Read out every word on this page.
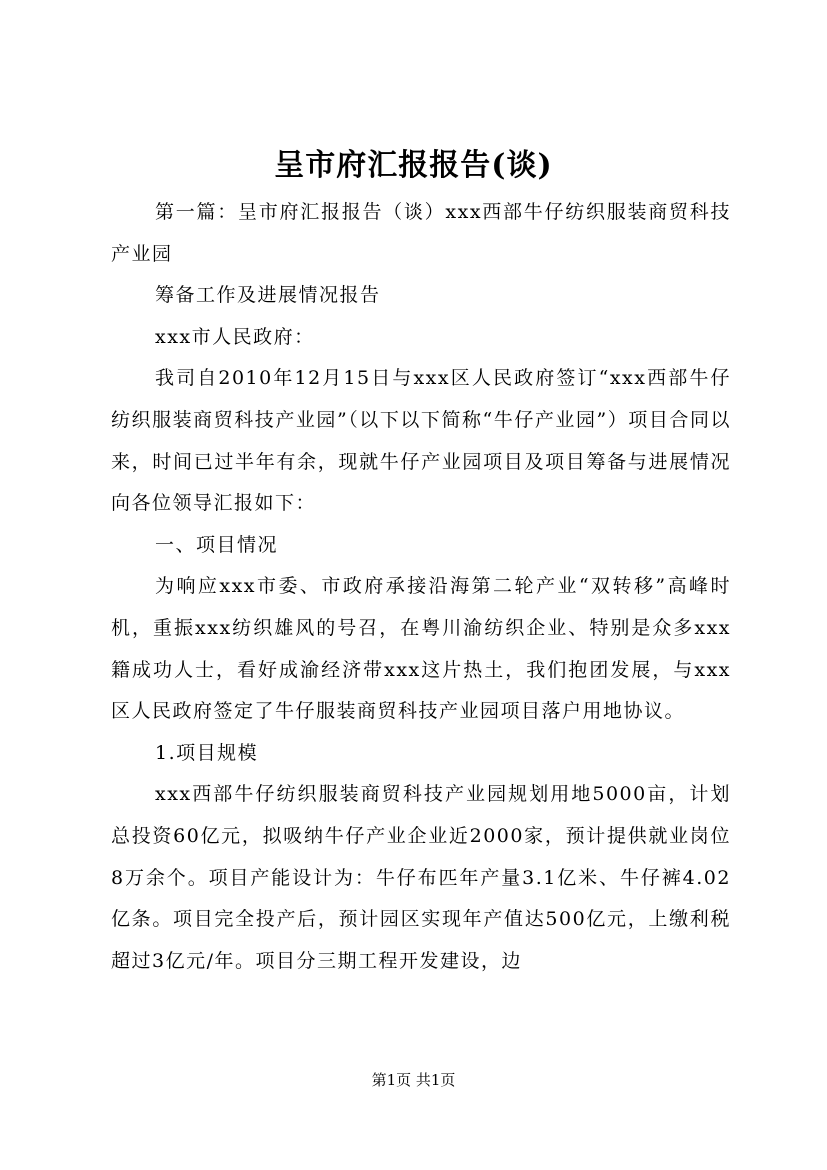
呈市府汇报报告(谈)

第一篇：呈市府汇报报告（谈）xxx西部牛仔纺织服装商贸科技产业园

筹备工作及进展情况报告

xxx市人民政府：

我司自2010年12月15日与xxx区人民政府签订“xxx西部牛仔纺织服装商贸科技产业园”（以下以下简称“牛仔产业园”）项目合同以来，时间已过半年有余，现就牛仔产业园项目及项目筹备与进展情况向各位领导汇报如下：

一、项目情况

为响应xxx市委、市政府承接沿海第二轮产业“双转移”高峰时机，重振xxx纺织雄风的号召，在粤川渝纺织企业、特别是众多xxx籍成功人士，看好成渝经济带xxx这片热土，我们抱团发展，与xxx区人民政府签定了牛仔服装商贸科技产业园项目落户用地协议。

1.项目规模

xxx西部牛仔纺织服装商贸科技产业园规划用地5000亩，计划总投资60亿元，拟吸纳牛仔产业企业近2000家，预计提供就业岗位8万余个。项目产能设计为：牛仔布匹年产量3.1亿米、牛仔裤4.02亿条。项目完全投产后，预计园区实现年产值达500亿元，上缴利税超过3亿元/年。项目分三期工程开发建设，边

第1页 共1页
